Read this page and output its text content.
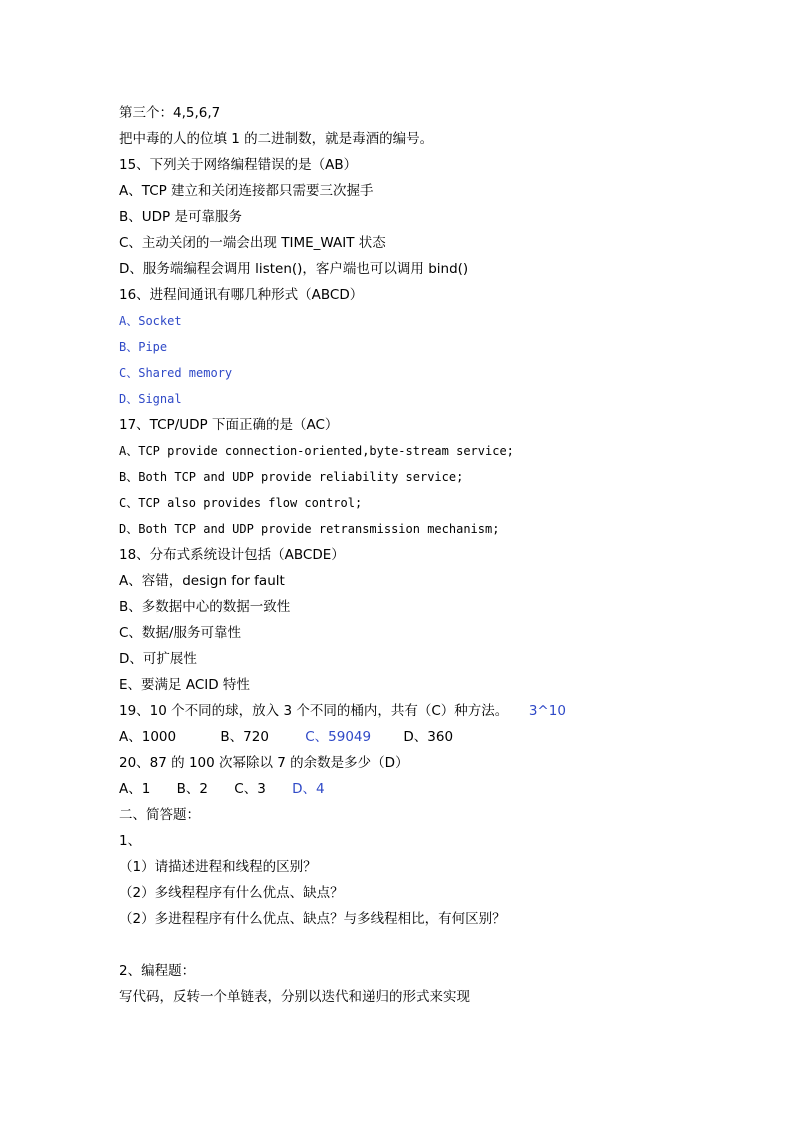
第三个：4,5,6,7
把中毒的人的位填 1 的二进制数，就是毒酒的编号。
15、下列关于网络编程错误的是（AB）
A、TCP 建立和关闭连接都只需要三次握手
B、UDP 是可靠服务
C、主动关闭的一端会出现 TIME_WAIT 状态
D、服务端编程会调用 listen()，客户端也可以调用 bind()
16、进程间通讯有哪几种形式（ABCD）
A、Socket
B、Pipe
C、Shared memory
D、Signal
17、TCP/UDP 下面正确的是（AC）
A、TCP provide connection-oriented,byte-stream service;
B、Both TCP and UDP provide reliability service;
C、TCP also provides flow control;
D、Both TCP and UDP provide retransmission mechanism;
18、分布式系统设计包括（ABCDE）
A、容错，design for fault
B、多数据中心的数据一致性
C、数据/服务可靠性
D、可扩展性
E、要满足 ACID 特性
19、10 个不同的球，放入 3 个不同的桶内，共有（C）种方法。 3^10
A、1000	B、720	C、59049 D、360
20、87 的 100 次幂除以 7 的余数是多少（D）
A、1 B、2 C、3 D、4
二、简答题：
1、
（1）请描述进程和线程的区别？
（2）多线程程序有什么优点、缺点？
（2）多进程程序有什么优点、缺点？与多线程相比，有何区别？
2、编程题：
写代码，反转一个单链表，分别以迭代和递归的形式来实现
